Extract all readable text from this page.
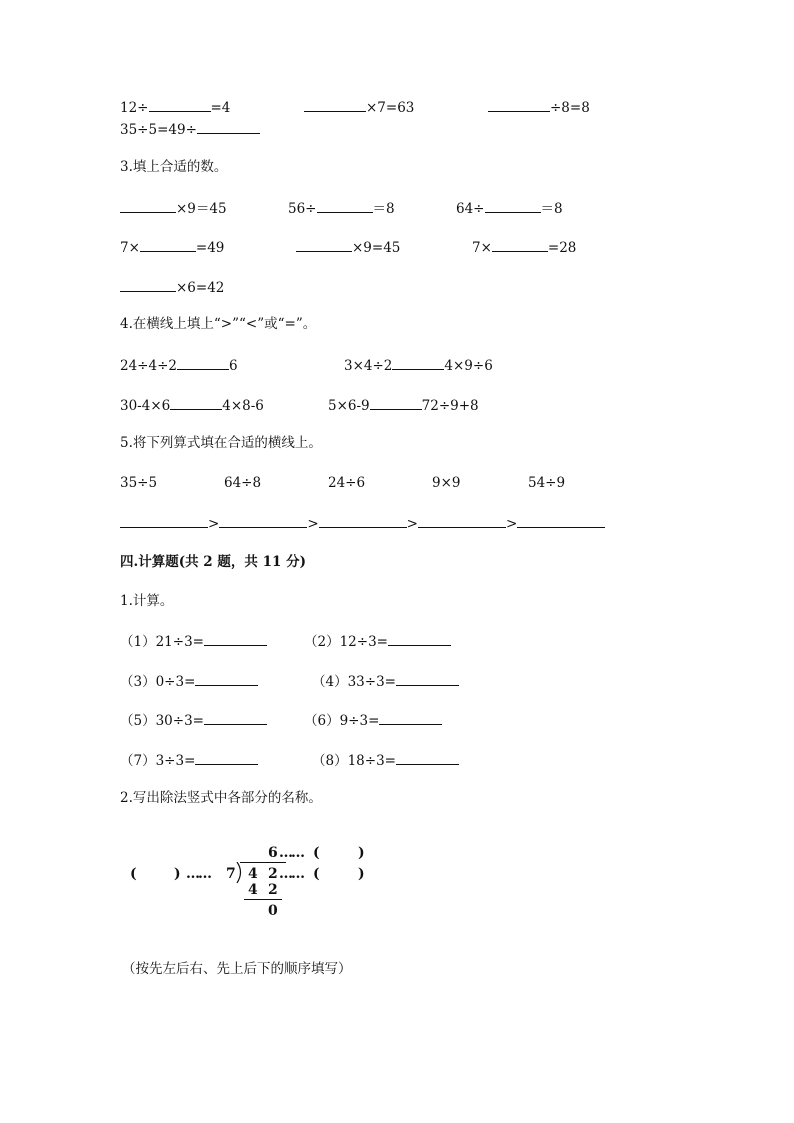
12÷	=4	×7=63	÷8=8
35÷5=49÷
3.填上合适的数。
×9＝45	56÷	＝8	64÷	＝8
7×	=49	×9=45	7×	=28
×6=42
4.在横线上填上“>”“<”或“=”。
24÷4÷2	6	3×4÷2	4×9÷6
30-4×6	4×8-6	5×6-9	72÷9+8
5.将下列算式填在合适的横线上。
35÷5	64÷8	24÷6	9×9	54÷9
>	>	>	>
四.计算题(共 2 题，共 11 分)
1.计算。
（1）21÷3=	（2）12÷3=
（3）0÷3=	（4）33÷3=
（5）30÷3=	（6）9÷3=
（7）3÷3=	（8）18÷3=
2.写出除法竖式中各部分的名称。
6 …… (	)
(	) …… 7 4 2 …… (	)
4 2
0
（按先左后右、先上后下的顺序填写）
